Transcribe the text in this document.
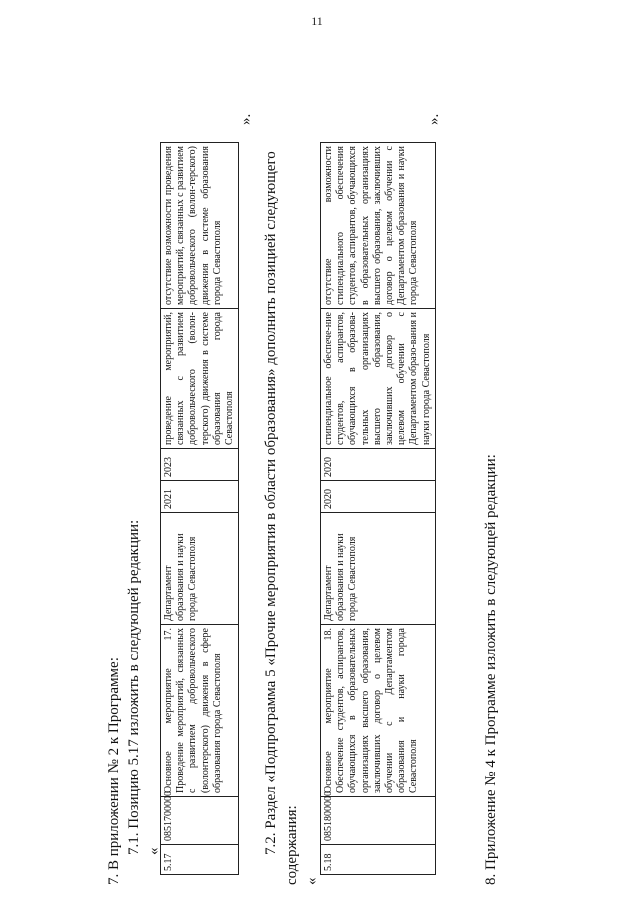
11
7. В приложении № 2 к Программе: 7.1. Позицию 5.17 изложить в следующей редакции: «
5.17	0851700000	Основное мероприятие 17. Проведение мероприятий, связанных с развитием добровольческого (волонтерского) движения в сфере образования города Севастополя	Департамент образования и науки города Севастополя	2021	2023	проведение мероприятий, связанных с развитием добровольческого (волон-терского) движения в системе образования города Севастополя	отсутствие возможности проведения мероприятий, связанных с развитием добровольческого (волон-терского) движения в системе образования города Севастополя
».
7.2. Раздел «Подпрограмма 5 «Прочие мероприятия в области образования» дополнить позицией следующего содержания: «
5.18	0851800000	Основное мероприятие 18. Обеспечение студентов, аспирантов, обучающихся в образовательных организациях высшего образования, заключивших договор о целевом обучении с Департаментом образования и науки города Севастополя	Департамент образования и науки города Севастополя	2020	2020	стипендиальное обеспече-ние студентов, аспирантов, обучающихся в образова-тельных организациях высшего образования, заключивших договор о целевом обучении с Департаментом образо-вания и науки города Севастополя	отсутствие возможности стипендиального обеспечения студентов, аспирантов, обучающихся в образовательных организациях высшего образования, заключивших договор о целевом обучении с Департаментом образования и науки города Севастополя
».
8. Приложение № 4 к Программе изложить в следующей редакции:
